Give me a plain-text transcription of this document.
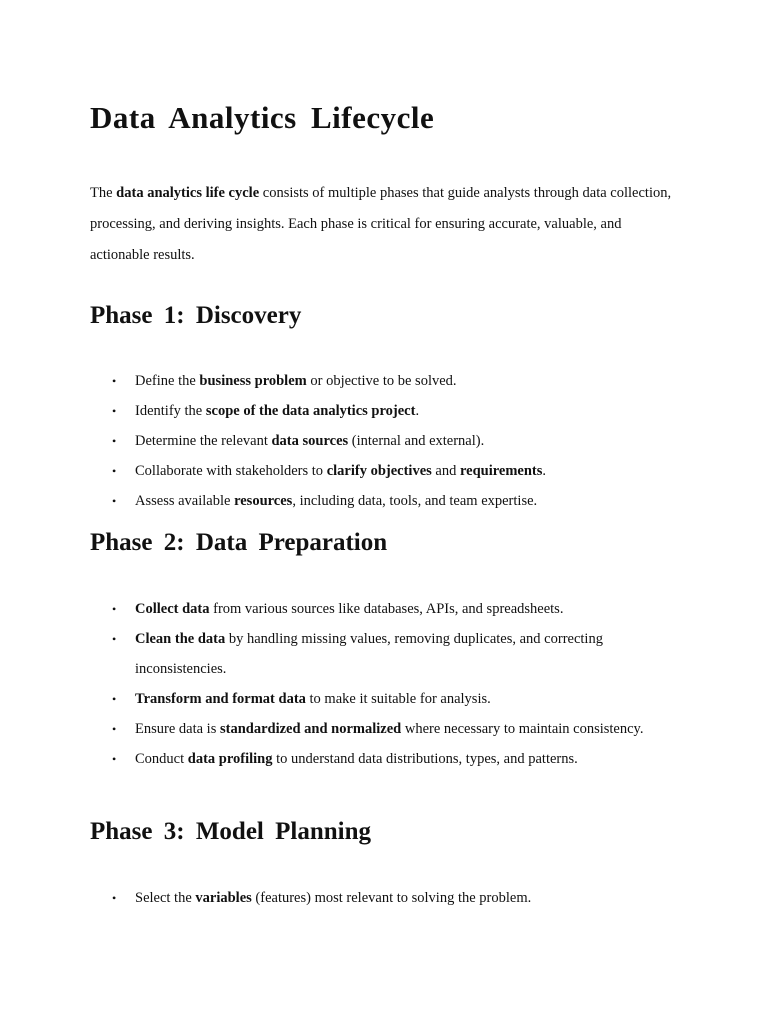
Data Analytics Lifecycle

The data analytics life cycle consists of multiple phases that guide analysts through data collection, processing, and deriving insights. Each phase is critical for ensuring accurate, valuable, and actionable results.

Phase 1: Discovery
• Define the business problem or objective to be solved.
• Identify the scope of the data analytics project.
• Determine the relevant data sources (internal and external).
• Collaborate with stakeholders to clarify objectives and requirements.
• Assess available resources, including data, tools, and team expertise.
Phase 2: Data Preparation
• Collect data from various sources like databases, APIs, and spreadsheets.
• Clean the data by handling missing values, removing duplicates, and correcting inconsistencies.
• Transform and format data to make it suitable for analysis.
• Ensure data is standardized and normalized where necessary to maintain consistency.
• Conduct data profiling to understand data distributions, types, and patterns.
Phase 3: Model Planning
• Select the variables (features) most relevant to solving the problem.
